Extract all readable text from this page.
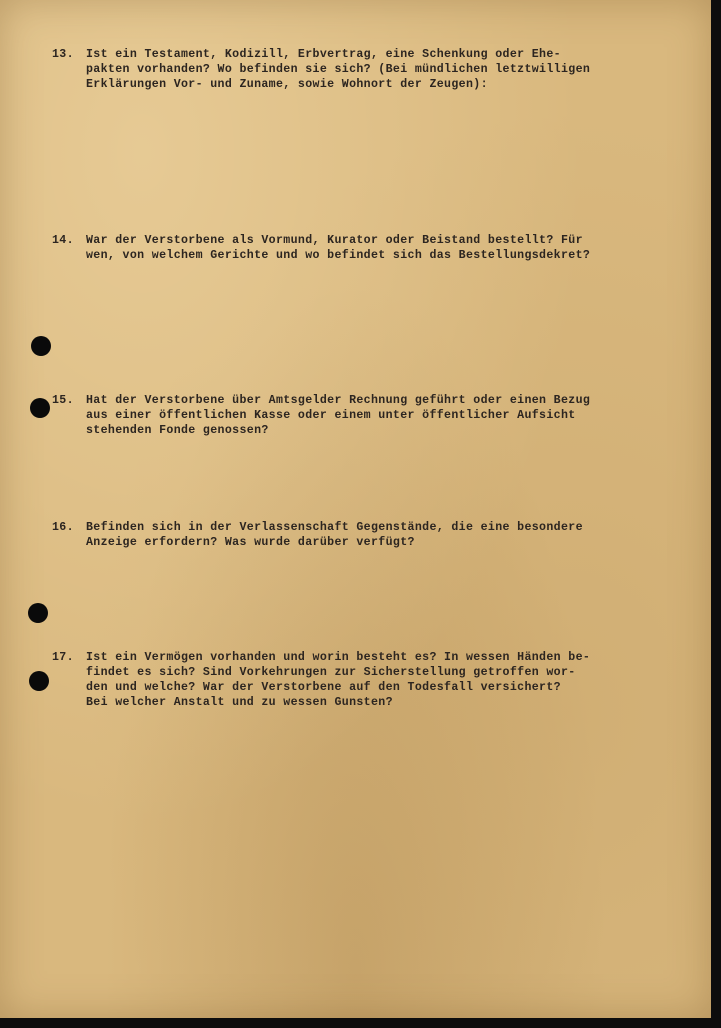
13. Ist ein Testament, Kodizill, Erbvertrag, eine Schenkung oder Ehe-
pakten vorhanden? Wo befinden sie sich? (Bei mündlichen letztwilligen
Erklärungen Vor- und Zuname, sowie Wohnort der Zeugen):
14. War der Verstorbene als Vormund, Kurator oder Beistand bestellt? Für
wen, von welchem Gerichte und wo befindet sich das Bestellungsdekret?
15. Hat der Verstorbene über Amtsgelder Rechnung geführt oder einen Bezug
aus einer öffentlichen Kasse oder einem unter öffentlicher Aufsicht
stehenden Fonde genossen?
16. Befinden sich in der Verlassenschaft Gegenstände, die eine besondere
Anzeige erfordern? Was wurde darüber verfügt?
17. Ist ein Vermögen vorhanden und worin besteht es? In wessen Händen be-
findet es sich? Sind Vorkehrungen zur Sicherstellung getroffen wor-
den und welche? War der Verstorbene auf den Todesfall versichert?
Bei welcher Anstalt und zu wessen Gunsten?
